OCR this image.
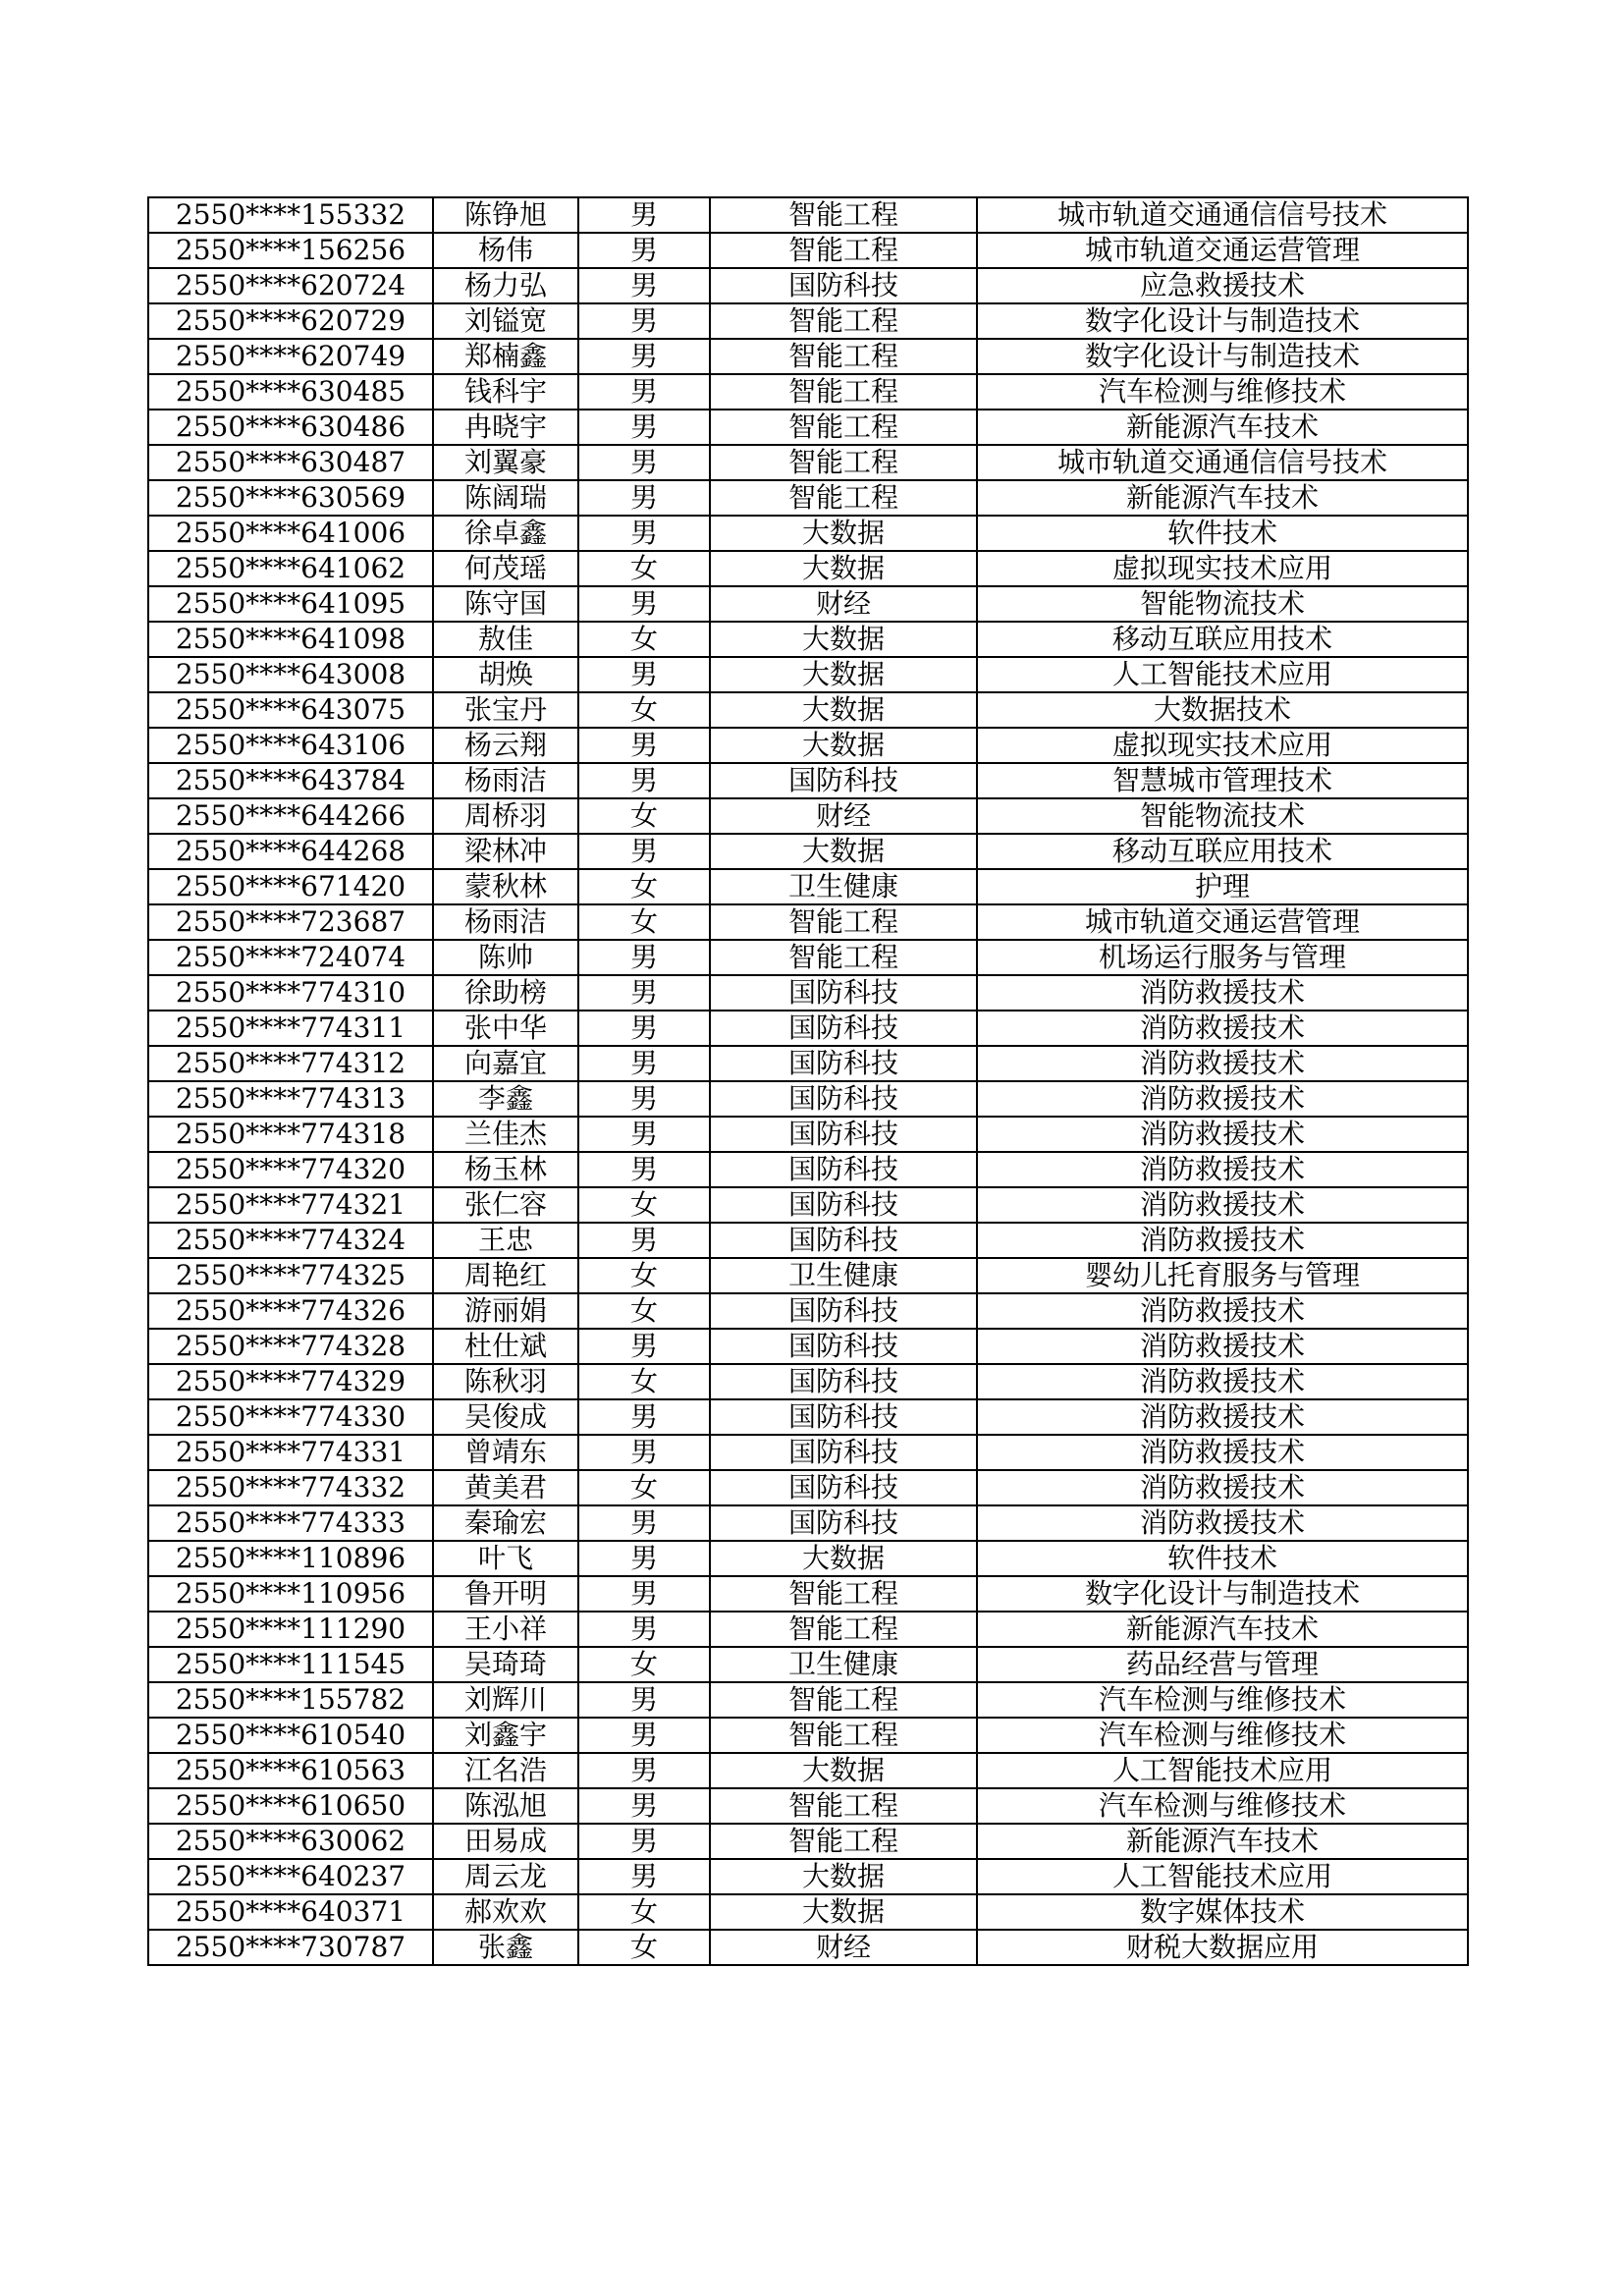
2550****155332	陈铮旭	男	智能工程	城市轨道交通通信信号技术
2550****156256	杨伟	男	智能工程	城市轨道交通运营管理
2550****620724	杨力弘	男	国防科技	应急救援技术
2550****620729	刘镒宽	男	智能工程	数字化设计与制造技术
2550****620749	郑楠鑫	男	智能工程	数字化设计与制造技术
2550****630485	钱科宇	男	智能工程	汽车检测与维修技术
2550****630486	冉晓宇	男	智能工程	新能源汽车技术
2550****630487	刘翼豪	男	智能工程	城市轨道交通通信信号技术
2550****630569	陈阔瑞	男	智能工程	新能源汽车技术
2550****641006	徐卓鑫	男	大数据	软件技术
2550****641062	何茂瑶	女	大数据	虚拟现实技术应用
2550****641095	陈守国	男	财经	智能物流技术
2550****641098	敖佳	女	大数据	移动互联应用技术
2550****643008	胡焕	男	大数据	人工智能技术应用
2550****643075	张宝丹	女	大数据	大数据技术
2550****643106	杨云翔	男	大数据	虚拟现实技术应用
2550****643784	杨雨洁	男	国防科技	智慧城市管理技术
2550****644266	周桥羽	女	财经	智能物流技术
2550****644268	梁林冲	男	大数据	移动互联应用技术
2550****671420	蒙秋林	女	卫生健康	护理
2550****723687	杨雨洁	女	智能工程	城市轨道交通运营管理
2550****724074	陈帅	男	智能工程	机场运行服务与管理
2550****774310	徐助榜	男	国防科技	消防救援技术
2550****774311	张中华	男	国防科技	消防救援技术
2550****774312	向嘉宜	男	国防科技	消防救援技术
2550****774313	李鑫	男	国防科技	消防救援技术
2550****774318	兰佳杰	男	国防科技	消防救援技术
2550****774320	杨玉林	男	国防科技	消防救援技术
2550****774321	张仁容	女	国防科技	消防救援技术
2550****774324	王忠	男	国防科技	消防救援技术
2550****774325	周艳红	女	卫生健康	婴幼儿托育服务与管理
2550****774326	游丽娟	女	国防科技	消防救援技术
2550****774328	杜仕斌	男	国防科技	消防救援技术
2550****774329	陈秋羽	女	国防科技	消防救援技术
2550****774330	吴俊成	男	国防科技	消防救援技术
2550****774331	曾靖东	男	国防科技	消防救援技术
2550****774332	黄美君	女	国防科技	消防救援技术
2550****774333	秦瑜宏	男	国防科技	消防救援技术
2550****110896	叶飞	男	大数据	软件技术
2550****110956	鲁开明	男	智能工程	数字化设计与制造技术
2550****111290	王小祥	男	智能工程	新能源汽车技术
2550****111545	吴琦琦	女	卫生健康	药品经营与管理
2550****155782	刘辉川	男	智能工程	汽车检测与维修技术
2550****610540	刘鑫宇	男	智能工程	汽车检测与维修技术
2550****610563	江名浩	男	大数据	人工智能技术应用
2550****610650	陈泓旭	男	智能工程	汽车检测与维修技术
2550****630062	田易成	男	智能工程	新能源汽车技术
2550****640237	周云龙	男	大数据	人工智能技术应用
2550****640371	郝欢欢	女	大数据	数字媒体技术
2550****730787	张鑫	女	财经	财税大数据应用
